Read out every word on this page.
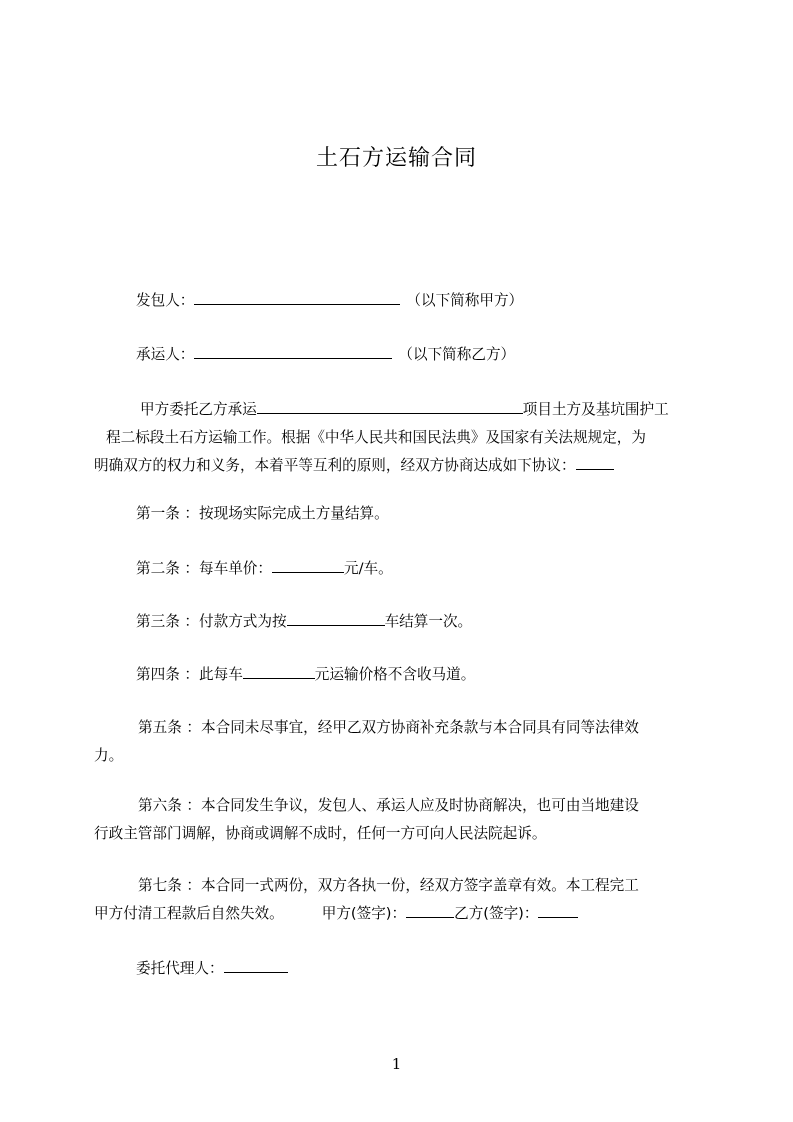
土石方运输合同
发包人：	（以下简称甲方）
承运人：	（以下简称乙方）
甲方委托乙方承运	项目土方及基坑围护工
程二标段土石方运输工作。根据《中华人民共和国民法典》及国家有关法规规定，为
明确双方的权力和义务，本着平等互利的原则，经双方协商达成如下协议：
第一条 ：按现场实际完成土方量结算。
第二条 ：每车单价：	元/车。
第三条 ：付款方式为按	车结算一次。
第四条 ：此每车	元运输价格不含收马道。
第五条 ：本合同未尽事宜，经甲乙双方协商补充条款与本合同具有同等法律效
力。
第六条 ：本合同发生争议，发包人、承运人应及时协商解决，也可由当地建设
行政主管部门调解，协商或调解不成时，任何一方可向人民法院起诉。
第七条 ：本合同一式两份，双方各执一份，经双方签字盖章有效。本工程完工
甲方付清工程款后自然失效。	甲方(签字)：	乙方(签字)：
委托代理人：
1
